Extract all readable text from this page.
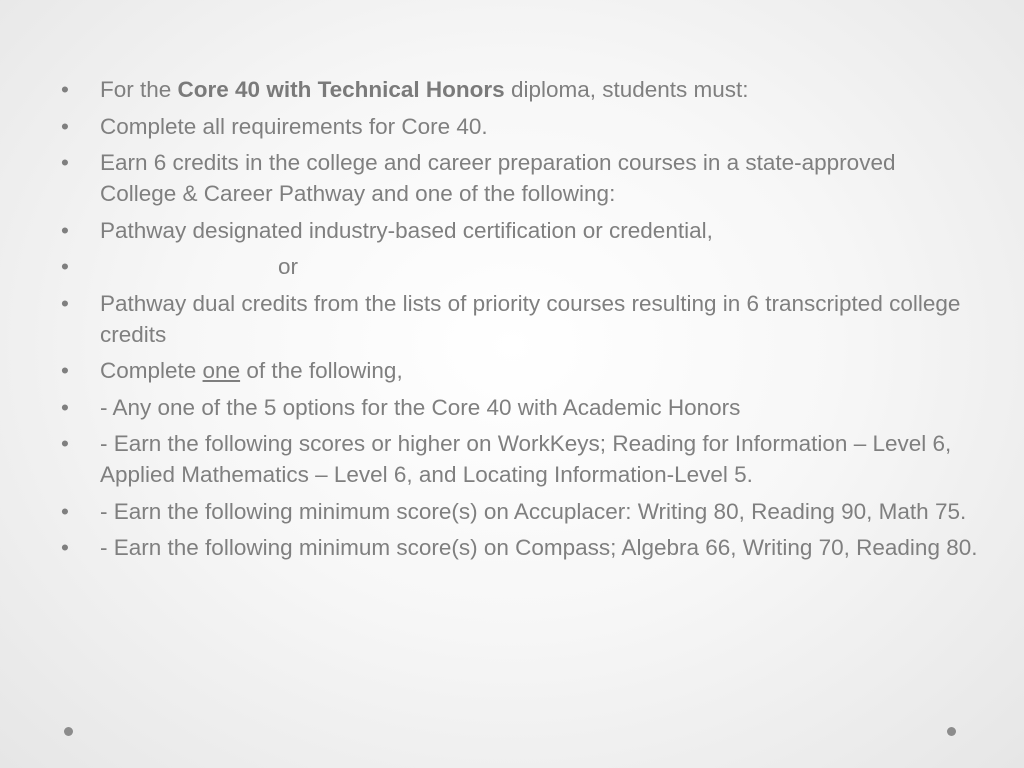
• For the Core 40 with Technical Honors diploma, students must:
• Complete all requirements for Core 40.
• Earn 6 credits in the college and career preparation courses in a state-approved College & Career Pathway and one of the following:
• Pathway designated industry-based certification or credential,
•	or
• Pathway dual credits from the lists of priority courses resulting in 6 transcripted college credits
• Complete one of the following,
• - Any one of the 5 options for the Core 40 with Academic Honors
• - Earn the following scores or higher on WorkKeys; Reading for Information – Level 6, Applied Mathematics – Level 6, and Locating Information-Level 5.
• - Earn the following minimum score(s) on Accuplacer: Writing 80, Reading 90, Math 75.
• - Earn the following minimum score(s) on Compass; Algebra 66, Writing 70, Reading 80.
